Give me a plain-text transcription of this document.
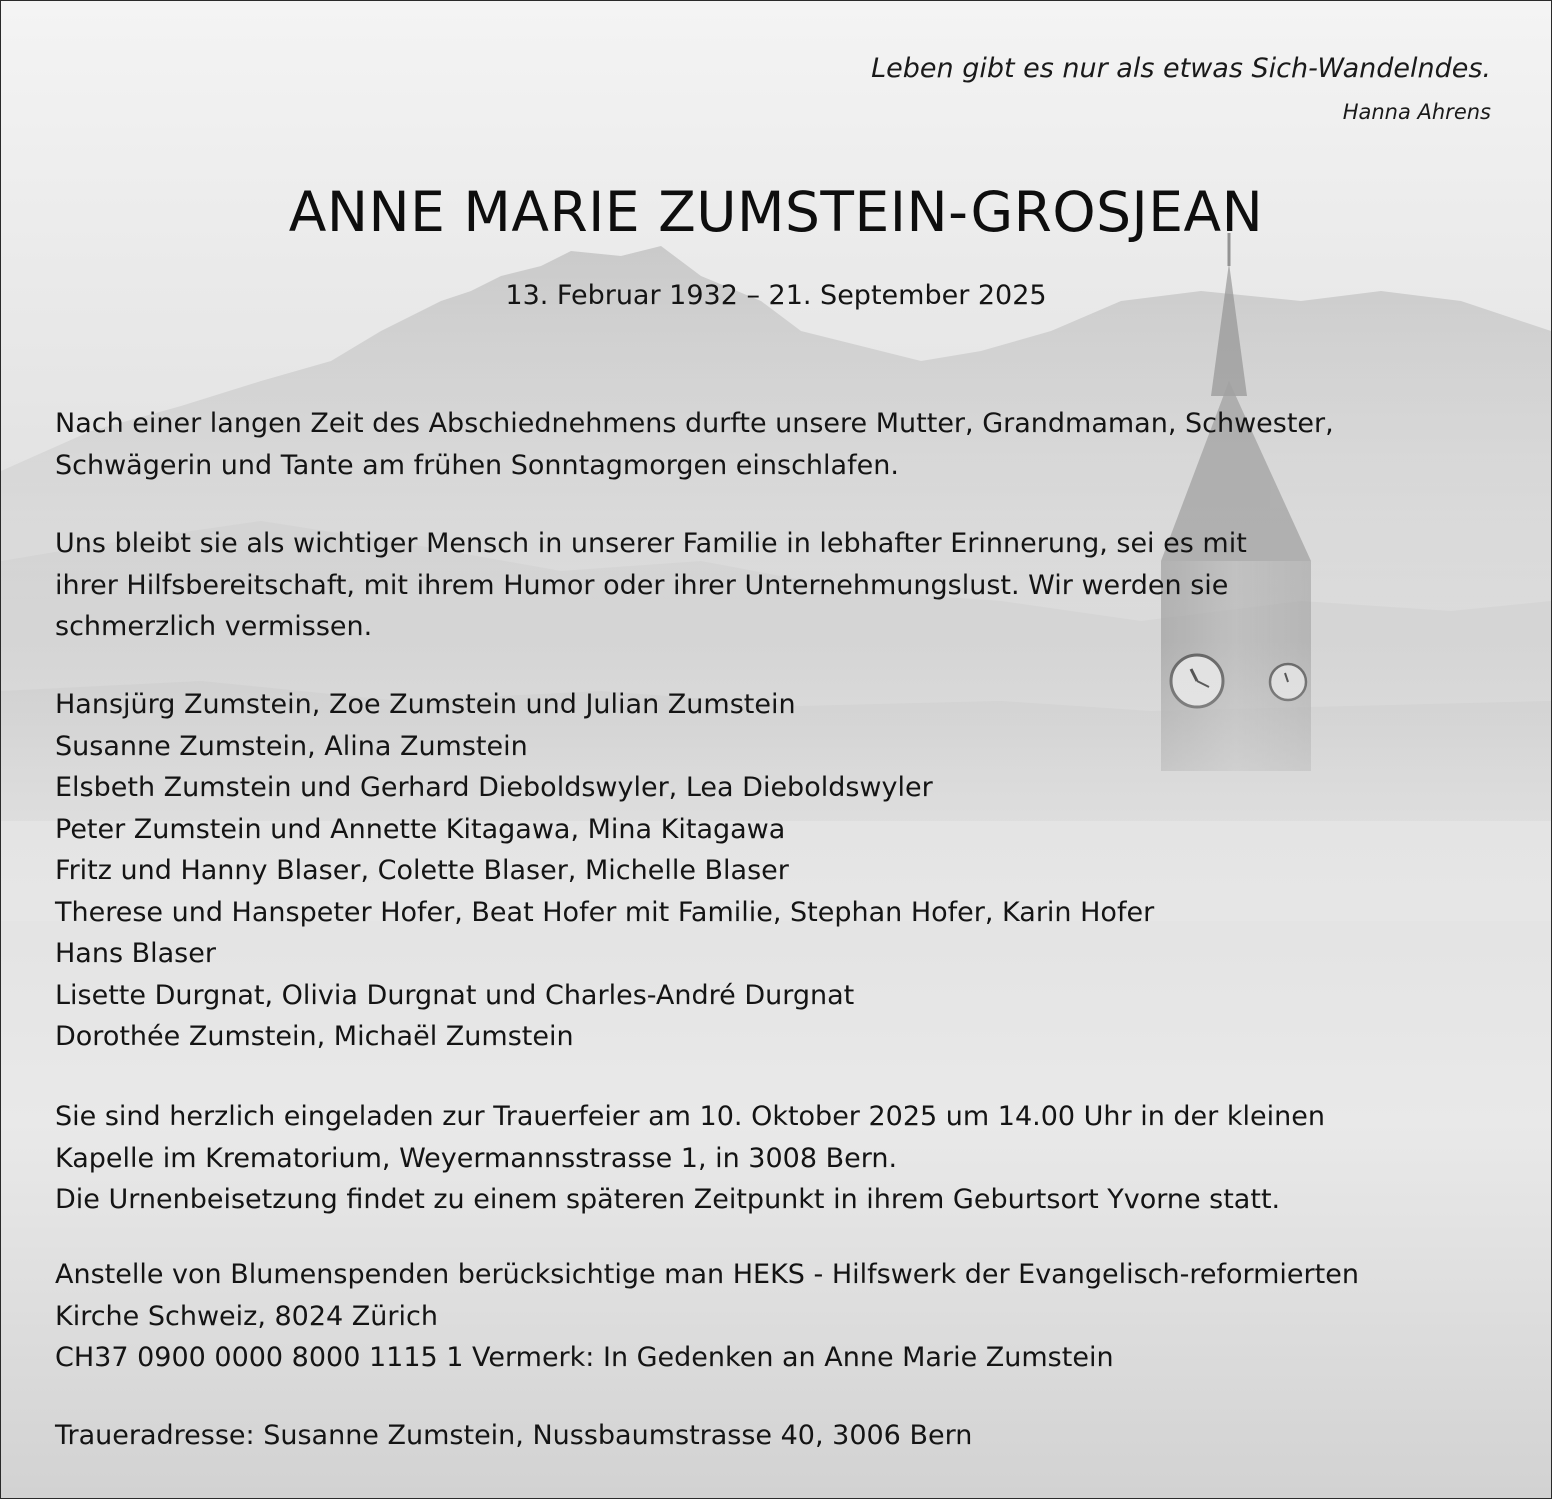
Leben gibt es nur als etwas Sich-Wandelndes.
Hanna Ahrens
ANNE MARIE ZUMSTEIN-GROSJEAN
13. Februar 1932 – 21. September 2025
Nach einer langen Zeit des Abschiednehmens durfte unsere Mutter, Grandmaman, Schwester,
Schwägerin und Tante am frühen Sonntagmorgen einschlafen.
Uns bleibt sie als wichtiger Mensch in unserer Familie in lebhafter Erinnerung, sei es mit
ihrer Hilfsbereitschaft, mit ihrem Humor oder ihrer Unternehmungslust. Wir werden sie
schmerzlich vermissen.
Hansjürg Zumstein, Zoe Zumstein und Julian Zumstein
Susanne Zumstein, Alina Zumstein
Elsbeth Zumstein und Gerhard Dieboldswyler, Lea Dieboldswyler
Peter Zumstein und Annette Kitagawa, Mina Kitagawa
Fritz und Hanny Blaser, Colette Blaser, Michelle Blaser
Therese und Hanspeter Hofer, Beat Hofer mit Familie, Stephan Hofer, Karin Hofer
Hans Blaser
Lisette Durgnat, Olivia Durgnat und Charles-André Durgnat
Dorothée Zumstein, Michaël Zumstein
Sie sind herzlich eingeladen zur Trauerfeier am 10. Oktober 2025 um 14.00 Uhr in der kleinen
Kapelle im Krematorium, Weyermannsstrasse 1, in 3008 Bern.
Die Urnenbeisetzung findet zu einem späteren Zeitpunkt in ihrem Geburtsort Yvorne statt.
Anstelle von Blumenspenden berücksichtige man HEKS - Hilfswerk der Evangelisch-reformierten
Kirche Schweiz, 8024 Zürich
CH37 0900 0000 8000 1115 1 Vermerk: In Gedenken an Anne Marie Zumstein
Traueradresse: Susanne Zumstein, Nussbaumstrasse 40, 3006 Bern
